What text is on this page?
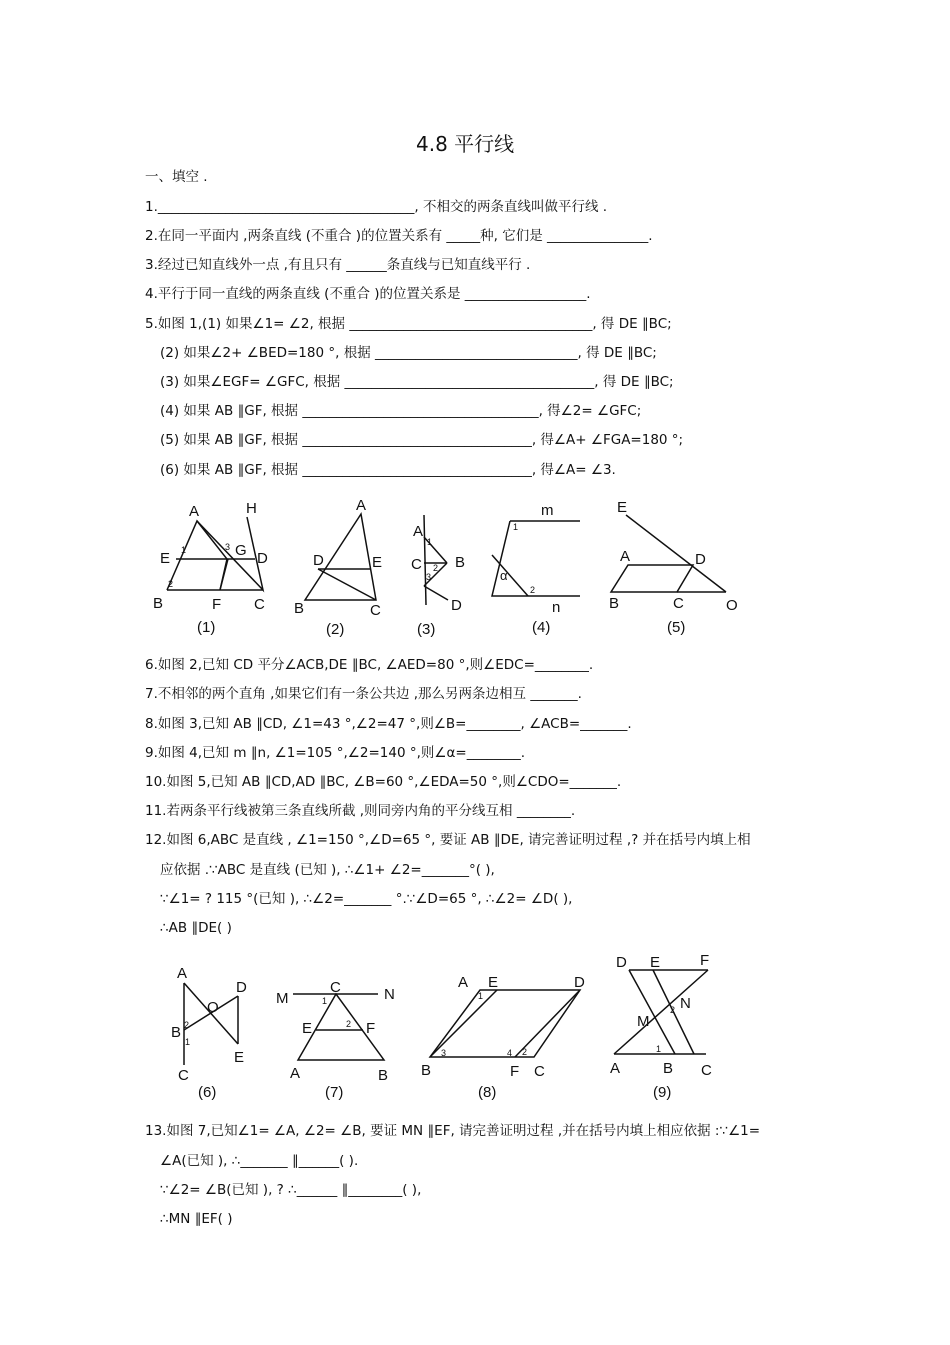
4.8 平行线
一、填空 .
1.______________________________________, 不相交的两条直线叫做平行线 .
2.在同一平面内 ,两条直线 (不重合 )的位置关系有 _____种, 它们是 _______________.
3.经过已知直线外一点 ,有且只有 ______条直线与已知直线平行 .
4.平行于同一直线的两条直线 (不重合 )的位置关系是 __________________.
5.如图 1,(1) 如果∠1= ∠2, 根据 ____________________________________, 得 DE ∥BC;
(2) 如果∠2+ ∠BED=180 °, 根据 ______________________________, 得 DE ∥BC;
(3) 如果∠EGF= ∠GFC, 根据 _____________________________________, 得 DE ∥BC;
(4) 如果 AB ∥GF, 根据 ___________________________________, 得∠2= ∠GFC;
(5) 如果 AB ∥GF, 根据 __________________________________, 得∠A+ ∠FGA=180 °;
(6) 如果 AB ∥GF, 根据 __________________________________, 得∠A= ∠3.
A	H
E	G D
B	F C
1
2
3
A
D	E
B	C
A
B
C
D
1
2
3
m
n
1
2
α
E
A	D
B	C	O
(1)	(2)	(3)	(4)	(5)
6.如图 2,已知 CD 平分∠ACB,DE ∥BC, ∠AED=80 °,则∠EDC=________.
7.不相邻的两个直角 ,如果它们有一条公共边 ,那么另两条边相互 _______.
8.如图 3,已知 AB ∥CD, ∠1=43 °,∠2=47 °,则∠B=________, ∠ACB=_______.
9.如图 4,已知 m ∥n, ∠1=105 °,∠2=140 °,则∠α=________.
10.如图 5,已知 AB ∥CD,AD ∥BC, ∠B=60 °,∠EDA=50 °,则∠CDO=_______.
11.若两条平行线被第三条直线所截 ,则同旁内角的平分线互相 ________.
12.如图 6,ABC 是直线 , ∠1=150 °,∠D=65 °, 要证 AB ∥DE, 请完善证明过程 ,? 并在括号内填上相
应依据 .∵ABC 是直线 (已知 ), ∴∠1+ ∠2=_______°( ),
∵∠1= ? 115 °(已知 ), ∴∠2=_______ °.∵∠D=65 °, ∴∠2= ∠D( ),
∴AB ∥DE( )
A
D
O
B
E
C
2
1
M
C	N
E	F
A	B
1
2
A E	D
B	F C
1
3	4 2
D E	F
N
M
A	B C
2
1
(6)	(7)	(8)	(9)
13.如图 7,已知∠1= ∠A, ∠2= ∠B, 要证 MN ∥EF, 请完善证明过程 ,并在括号内填上相应依据 :∵∠1=
∠A(已知 ), ∴_______ ∥______( ).
∵∠2= ∠B(已知 ), ? ∴______ ∥________( ),
∴MN ∥EF( )
